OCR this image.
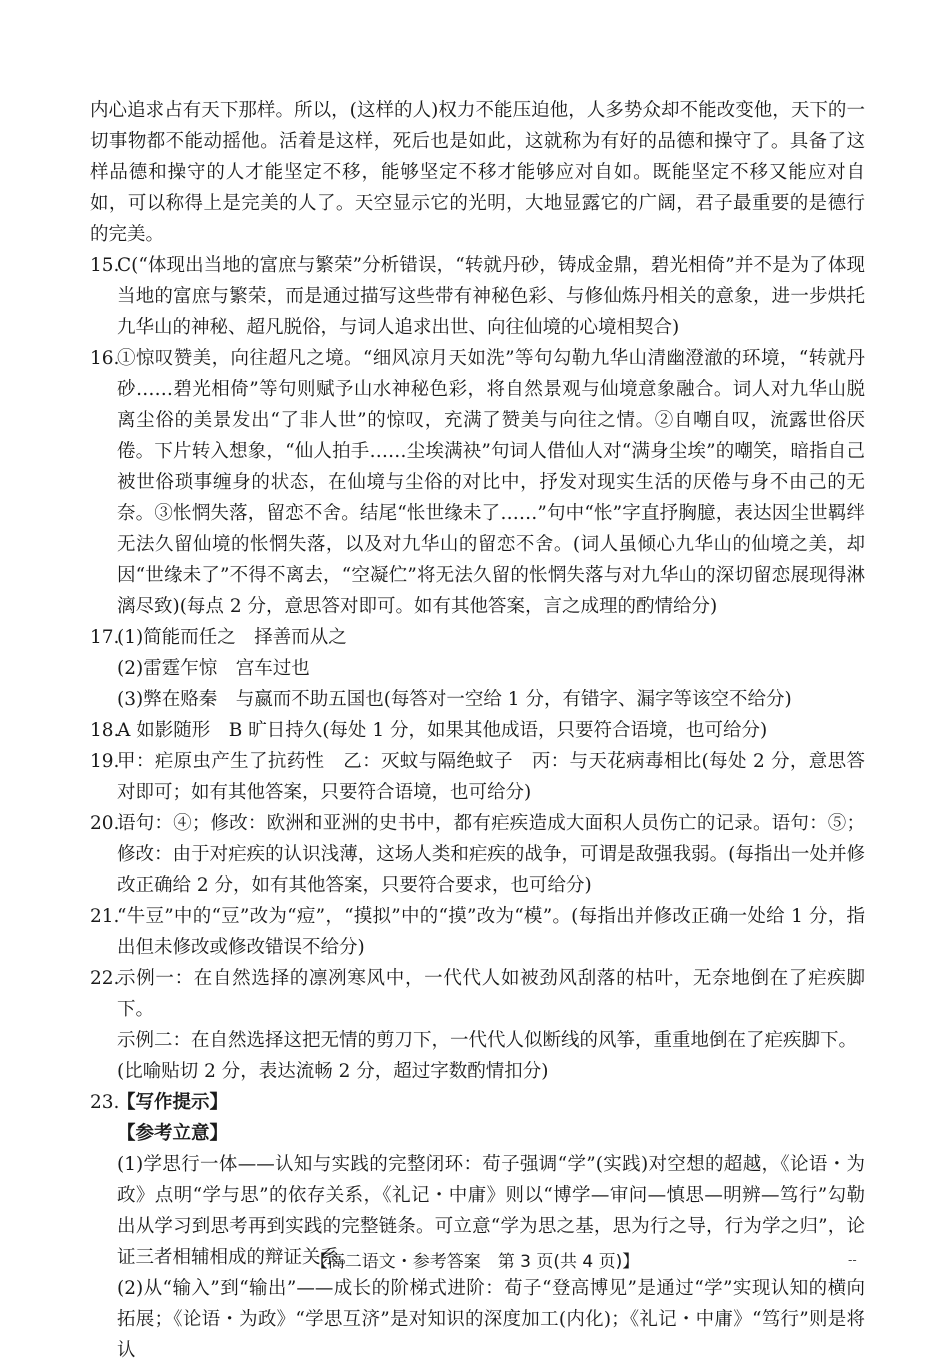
内心追求占有天下那样。所以，(这样的人)权力不能压迫他，人多势众却不能改变他，天下的一切事物都不能动摇他。活着是这样，死后也是如此，这就称为有好的品德和操守了。具备了这样品德和操守的人才能坚定不移，能够坚定不移才能够应对自如。既能坚定不移又能应对自如，可以称得上是完美的人了。天空显示它的光明，大地显露它的广阔，君子最重要的是德行的完美。

15.
C(“体现出当地的富庶与繁荣”分析错误，“转就丹砂，铸成金鼎，碧光相倚”并不是为了体现当地的富庶与繁荣，而是通过描写这些带有神秘色彩、与修仙炼丹相关的意象，进一步烘托九华山的神秘、超凡脱俗，与词人追求出世、向往仙境的心境相契合)
16.
①惊叹赞美，向往超凡之境。“细风凉月天如洗”等句勾勒九华山清幽澄澈的环境，“转就丹砂……碧光相倚”等句则赋予山水神秘色彩，将自然景观与仙境意象融合。词人对九华山脱离尘俗的美景发出“了非人世”的惊叹，充满了赞美与向往之情。②自嘲自叹，流露世俗厌倦。下片转入想象，“仙人拍手……尘埃满袂”句词人借仙人对“满身尘埃”的嘲笑，暗指自己被世俗琐事缠身的状态，在仙境与尘俗的对比中，抒发对现实生活的厌倦与身不由己的无奈。③怅惘失落，留恋不舍。结尾“怅世缘未了……”句中“怅”字直抒胸臆，表达因尘世羁绊无法久留仙境的怅惘失落，以及对九华山的留恋不舍。(词人虽倾心九华山的仙境之美，却因“世缘未了”不得不离去，“空凝伫”将无法久留的怅惘失落与对九华山的深切留恋展现得淋漓尽致)(每点 2 分，意思答对即可。如有其他答案，言之成理的酌情给分)
17.
(1)简能而任之　择善而从之
(2)雷霆乍惊　宫车过也
(3)弊在赂秦　与嬴而不助五国也(每答对一空给 1 分，有错字、漏字等该空不给分)
18.
A 如影随形　B 旷日持久(每处 1 分，如果其他成语，只要符合语境，也可给分)
19.
甲：疟原虫产生了抗药性　乙：灭蚊与隔绝蚊子　丙：与天花病毒相比(每处 2 分，意思答对即可；如有其他答案，只要符合语境，也可给分)
20.
语句：④；修改：欧洲和亚洲的史书中，都有疟疾造成大面积人员伤亡的记录。语句：⑤；修改：由于对疟疾的认识浅薄，这场人类和疟疾的战争，可谓是敌强我弱。(每指出一处并修改正确给 2 分，如有其他答案，只要符合要求，也可给分)
21.
“牛豆”中的“豆”改为“痘”，“摸拟”中的“摸”改为“模”。(每指出并修改正确一处给 1 分，指出但未修改或修改错误不给分)
22.
示例一：在自然选择的凛冽寒风中，一代代人如被劲风刮落的枯叶，无奈地倒在了疟疾脚下。
示例二：在自然选择这把无情的剪刀下，一代代人似断线的风筝，重重地倒在了疟疾脚下。
(比喻贴切 2 分，表达流畅 2 分，超过字数酌情扣分)
23.
【写作提示】
【参考立意】

(1)学思行一体——认知与实践的完整闭环：荀子强调“学”(实践)对空想的超越，《论语・为政》点明“学与思”的依存关系，《礼记・中庸》则以“博学—审问—慎思—明辨—笃行”勾勒出从学习到思考再到实践的完整链条。可立意“学为思之基，思为行之导，行为学之归”，论证三者相辅相成的辩证关系。

(2)从“输入”到“输出”——成长的阶梯式进阶：荀子“登高博见”是通过“学”实现认知的横向拓展；《论语・为政》“学思互济”是对知识的深度加工(内化)；《礼记・中庸》“笃行”则是将认

【高二语文・参考答案　第 3 页(共 4 页)】	--
